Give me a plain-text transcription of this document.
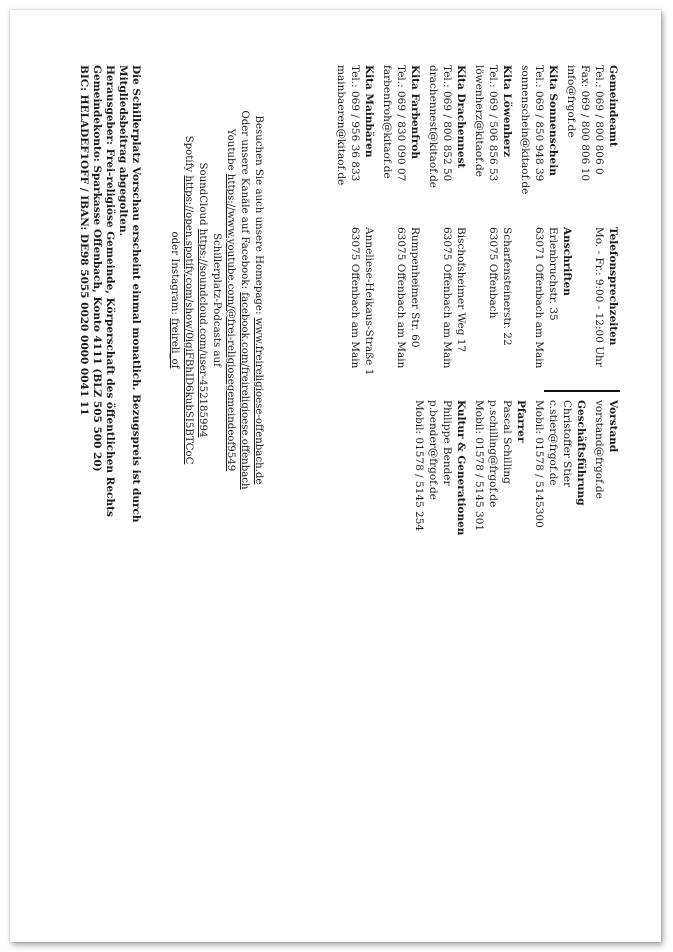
Gemeindeamt
Tel.: 069 / 800 806 0
Fax: 069 / 800 806 10
info@frgof.de
Kita Sonnenschein
Tel.: 069 / 850 948 39
sonnenschein@kitaof.de
Kita Löwenherz
Tel.: 069 / 506 856 53
löwenherz@kitaof.de
Kita Drachennest
Tel.: 069 / 800 852 50
drachennest@kitaof.de
Kita Farbenfroh
Tel.: 069 / 830 090 07
farbenfroh@kitaof.de
Kita Mainbären
Tel.: 069 / 956 36 833
mainbaeren@kitaof.de
Telefonsprechzeiten
Mo. - Fr.: 9:00 - 12:00 Uhr
Anschriften
Erlenbruchstr. 35
63071 Offenbach am Main
Scharfensteinerstr. 22
63075 Offenbach
Bischofsheimer Weg 17
63075 Offenbach am Main
Rumpenheimer Str. 60
63075 Offenbach am Main
Anneliese-Heikaus-Straße 1
63075 Offenbach am Main
Vorstand
vorstand@frgof.de
Geschäftsführung
Christoffer Stier
c.stier@frgof.de
Mobil: 01578 / 5145300
Pfarrer
Pascal Schilling
p.schilling@frgof.de
Mobil: 01578 / 5145 301
Kultur & Generationen
Philippe Bender
p.bender@frgof.de
Mobil: 01578 / 5145 254
Besuchen Sie auch unsere Homepage: www.freireligioese-offenbach.de
Oder unsere Kanäle auf Facebook: facebook.com/freireligioese.offenbach
Youtube https://www.youtube.com/@frei-religiosegemeindeof9549
Schillerplatz-Podcasts auf
SoundCloud https://soundcloud.com/user-452185994
Spotify https://open.spotify.com/show/0igiFBhID6kubSI5BTCoC
oder Instagram: freireli_of
Die Schillerplatz Vorschau erscheint einmal monatlich. Bezugspreis ist durch Mitgliedsbeitrag abgegolten.
Herausgeber: Frei-religiöse Gemeinde, Körperschaft des öffentlichen Rechts
Gemeindekonto: Sparkasse Offenbach, Konto 4111 (BLZ 505 500 20)
BIC: HELADEF1OFF / IBAN: DE98 5055 0020 0000 0041 11
